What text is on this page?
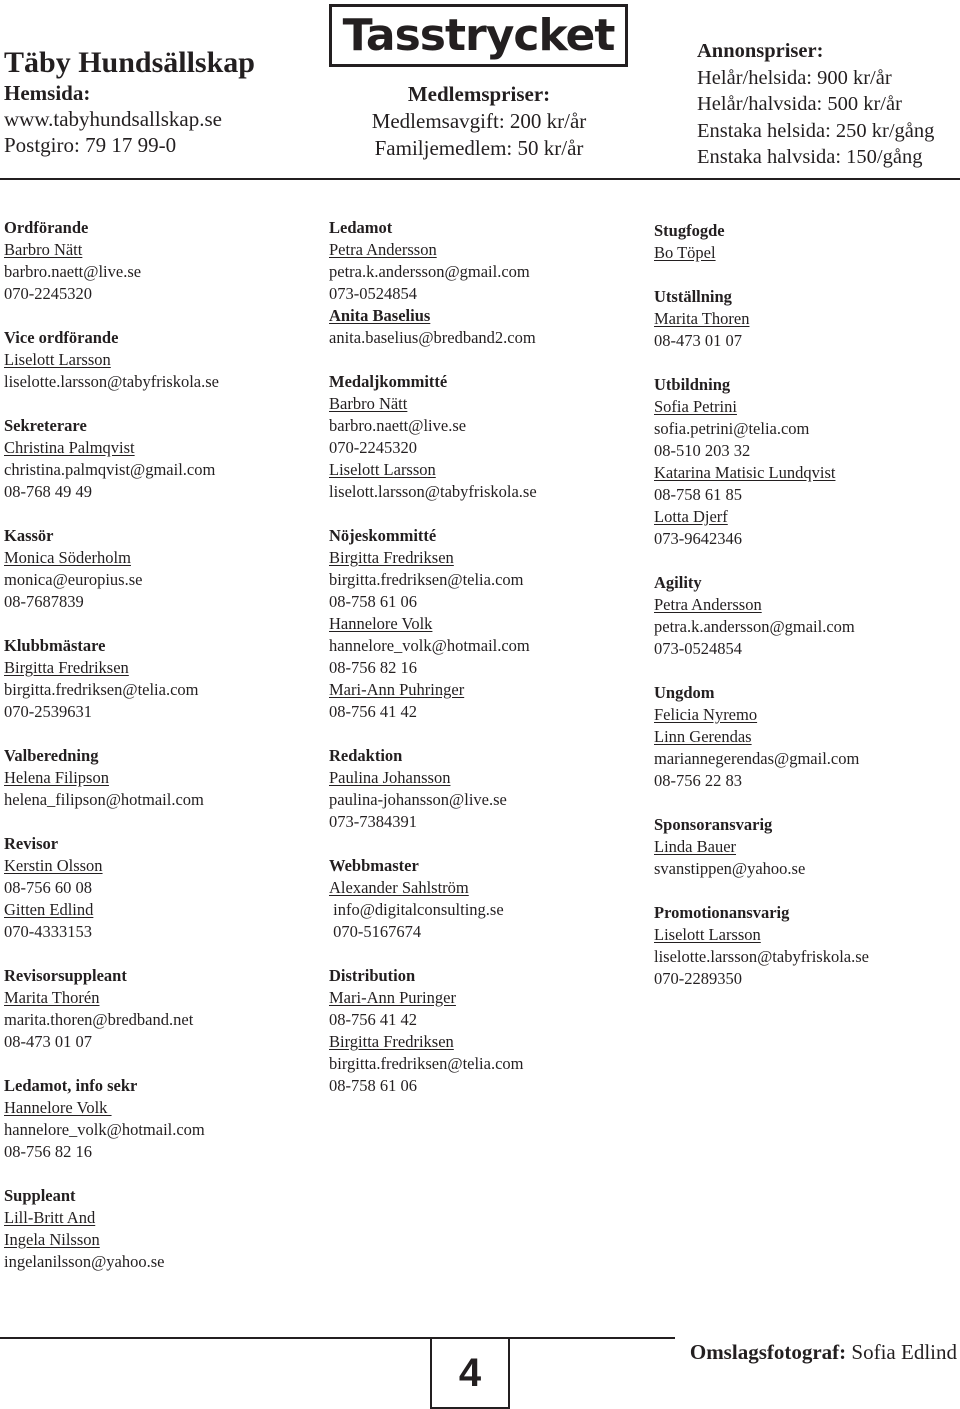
Täby Hundsällskap
Hemsida:
www.tabyhundsallskap.se
Postgiro: 79 17 99-0
Tasstrycket
Medlemspriser:
Medlemsavgift: 200 kr/år
Familjemedlem: 50 kr/år
Annonspriser:
Helår/helsida: 900 kr/år
Helår/halvsida: 500 kr/år
Enstaka helsida: 250 kr/gång
Enstaka halvsida: 150/gång
Ordförande
Barbro Nätt
barbro.naett@live.se
070-2245320
Vice ordförande
Liselott Larsson
liselotte.larsson@tabyfriskola.se
Sekreterare
Christina Palmqvist
christina.palmqvist@gmail.com
08-768 49 49
Kassör
Monica Söderholm
monica@europius.se
08-7687839
Klubbmästare
Birgitta Fredriksen
birgitta.fredriksen@telia.com
070-2539631
Valberedning
Helena Filipson
helena_filipson@hotmail.com
Revisor
Kerstin Olsson
08-756 60 08
Gitten Edlind
070-4333153
Revisorsuppleant
Marita Thorén
marita.thoren@bredband.net
08-473 01 07
Ledamot, info sekr
Hannelore Volk
hannelore_volk@hotmail.com
08-756 82 16
Suppleant
Lill-Britt And
Ingela Nilsson
ingelanilsson@yahoo.se
Ledamot
Petra Andersson
petra.k.andersson@gmail.com
073-0524854
Anita Baselius
anita.baselius@bredband2.com
Medaljkommitté
Barbro Nätt
barbro.naett@live.se
070-2245320
Liselott Larsson
liselott.larsson@tabyfriskola.se
Nöjeskommitté
Birgitta Fredriksen
birgitta.fredriksen@telia.com
08-758 61 06
Hannelore Volk
hannelore_volk@hotmail.com
08-756 82 16
Mari-Ann Puhringer
08-756 41 42
Redaktion
Paulina Johansson
paulina-johansson@live.se
073-7384391
Webbmaster
Alexander Sahlström
info@digitalconsulting.se
070-5167674
Distribution
Mari-Ann Puringer
08-756 41 42
Birgitta Fredriksen
birgitta.fredriksen@telia.com
08-758 61 06
Stugfogde
Bo Töpel
Utställning
Marita Thoren
08-473 01 07
Utbildning
Sofia Petrini
sofia.petrini@telia.com
08-510 203 32
Katarina Matisic Lundqvist
08-758 61 85
Lotta Djerf
073-9642346
Agility
Petra Andersson
petra.k.andersson@gmail.com
073-0524854
Ungdom
Felicia Nyremo
Linn Gerendas
mariannegerendas@gmail.com
08-756 22 83
Sponsoransvarig
Linda Bauer
svanstippen@yahoo.se
Promotionansvarig
Liselott Larsson
liselotte.larsson@tabyfriskola.se
070-2289350
4	Omslagsfotograf: Sofia Edlind
